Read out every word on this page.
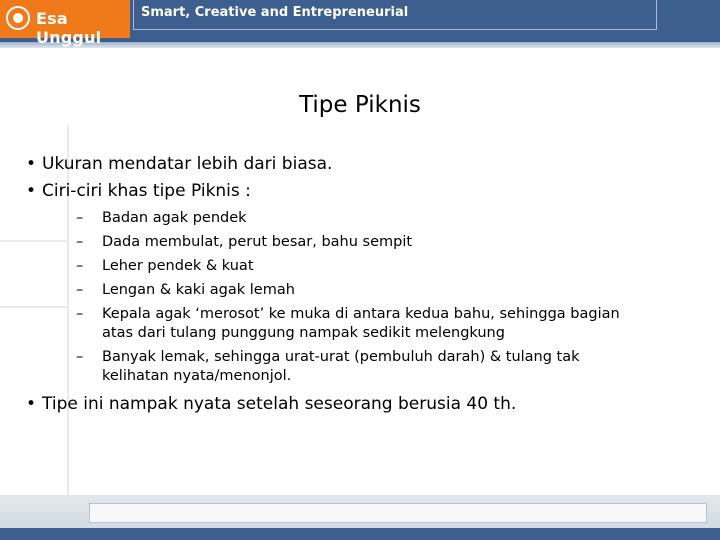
Esa Unggul
Smart, Creative and Entrepreneurial
Tipe Piknis
• Ukuran mendatar lebih dari biasa.
• Ciri-ciri khas tipe Piknis :
– Badan agak pendek
– Dada membulat, perut besar, bahu sempit
– Leher pendek & kuat
– Lengan & kaki agak lemah
– Kepala agak ‘merosot’ ke muka di antara kedua bahu, sehingga bagian
atas dari tulang punggung nampak sedikit melengkung
– Banyak lemak, sehingga urat-urat (pembuluh darah) & tulang tak
kelihatan nyata/menonjol.
• Tipe ini nampak nyata setelah seseorang berusia 40 th.
